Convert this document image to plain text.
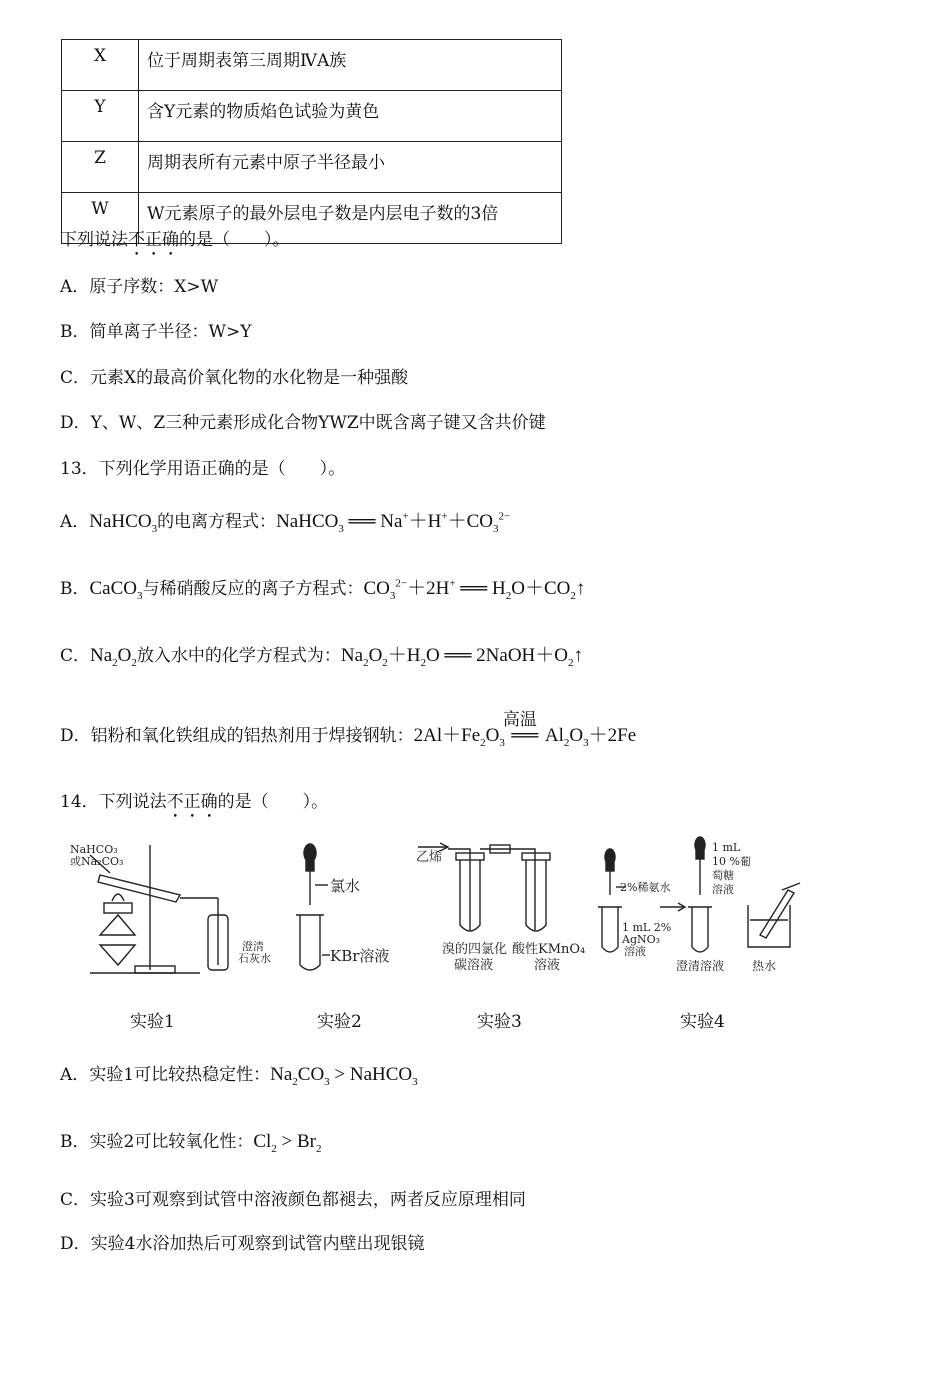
X	位于周期表第三周期ⅣA族
Y	含Y元素的物质焰色试验为黄色
Z	周期表所有元素中原子半径最小
W	W元素原子的最外层电子数是内层电子数的3倍
下列说法不正确的是（　　）。
A．原子序数：X>W
B．简单离子半径：W>Y
C．元素X的最高价氧化物的水化物是一种强酸
D．Y、W、Z三种元素形成化合物YWZ中既含离子键又含共价键
13．下列化学用语正确的是（　　）。
A．NaHCO$_3$的电离方程式：NaHCO$_3$ ══ $Na^++H^++CO_3^{2-}$
B．CaCO$_3$与稀硝酸反应的离子方程式：$CO_3^{2-}+2H^+$ ══ $H_2O+CO_2↑$
C．$Na_2O_2$放入水中的化学方程式为：$Na_2O_2+H_2O$ ══ $2NaOH+O_2↑$
D．铝粉和氧化铁组成的铝热剂用于焊接钢轨：$2Al+Fe_2O_3$
高温
══ $Al_2O_3+2Fe$
14．下列说法不正确的是（　　）。
NaHCO₃
或Na₂CO₃
澄清
石灰水
氯水
KBr溶液
乙烯
溴的四氯化
碳溶液
酸性KMnO₄
溶液
2%稀氨水
1 mL 2%
AgNO₃
溶液
1 mL
10 %葡
萄糖
溶液
澄清溶液 热水
实验1	实验2	实验3	实验4
A．实验1可比较热稳定性：$Na_2CO_3$ > NaHCO$_3$
B．实验2可比较氧化性：$Cl_2 > Br_2$
C．实验3可观察到试管中溶液颜色都褪去，两者反应原理相同
D．实验4水浴加热后可观察到试管内壁出现银镜
